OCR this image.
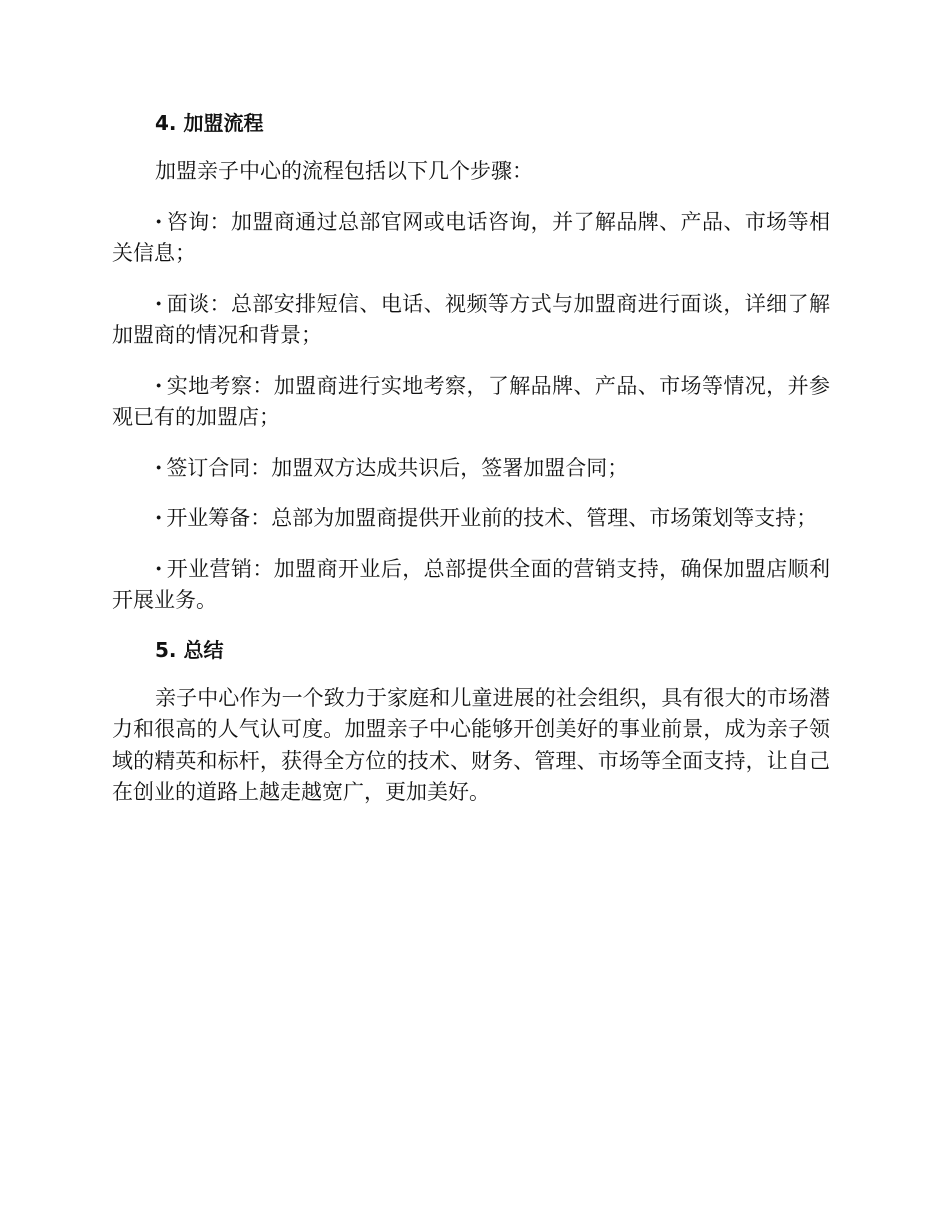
4. 加盟流程

加盟亲子中心的流程包括以下几个步骤：

· 咨询：加盟商通过总部官网或电话咨询，并了解品牌、产品、市场等相关信息；
· 面谈：总部安排短信、电话、视频等方式与加盟商进行面谈，详细了解加盟商的情况和背景；
· 实地考察：加盟商进行实地考察，了解品牌、产品、市场等情况，并参观已有的加盟店；
· 签订合同：加盟双方达成共识后，签署加盟合同；
· 开业筹备：总部为加盟商提供开业前的技术、管理、市场策划等支持；
· 开业营销：加盟商开业后，总部提供全面的营销支持，确保加盟店顺利开展业务。
5. 总结

亲子中心作为一个致力于家庭和儿童进展的社会组织，具有很大的市场潜力和很高的人气认可度。加盟亲子中心能够开创美好的事业前景，成为亲子领域的精英和标杆，获得全方位的技术、财务、管理、市场等全面支持，让自己在创业的道路上越走越宽广，更加美好。
